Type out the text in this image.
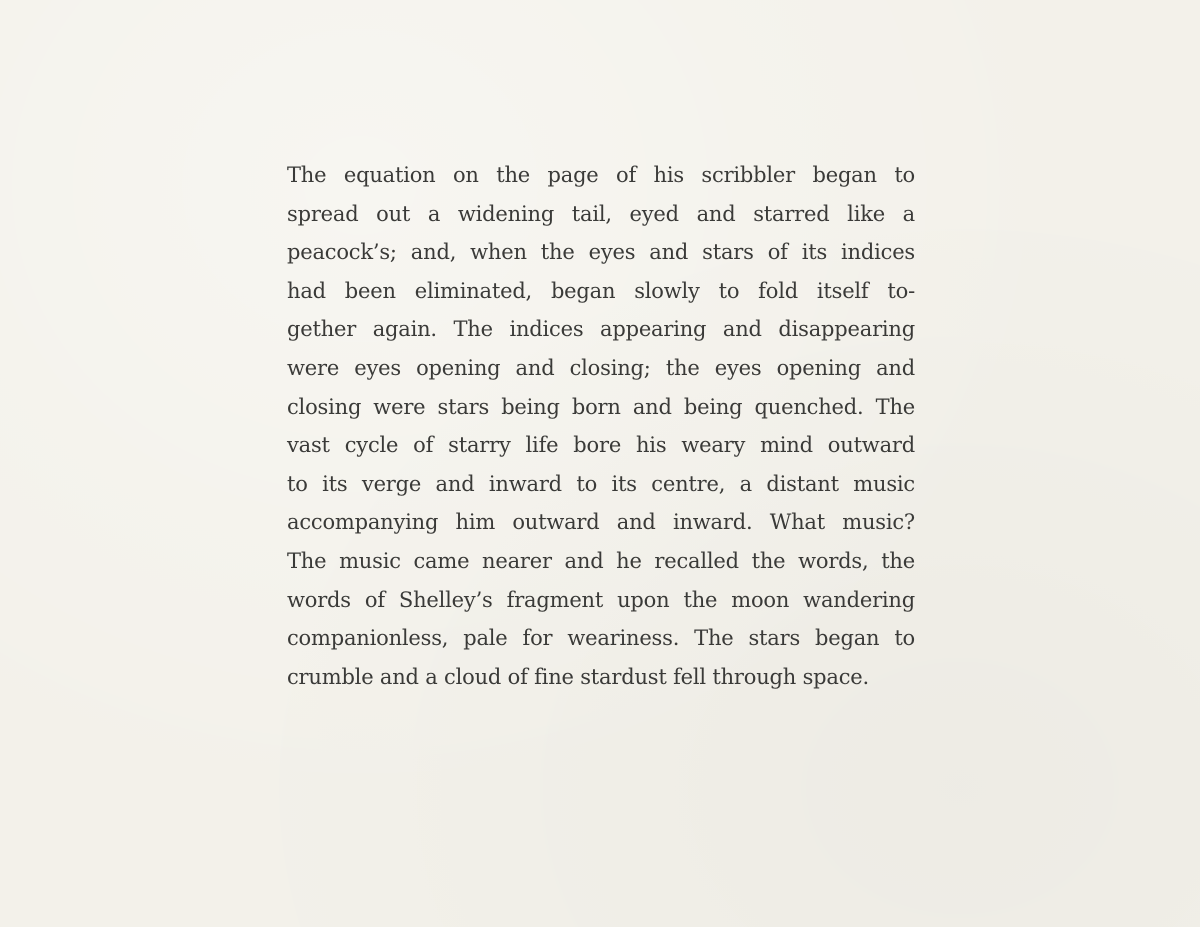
The equation on the page of his scribbler began to
spread out a widening tail, eyed and starred like a
peacock’s; and, when the eyes and stars of its indices
had been eliminated, began slowly to fold itself to-
gether again. The indices appearing and disappearing
were eyes opening and closing; the eyes opening and
closing were stars being born and being quenched. The
vast cycle of starry life bore his weary mind outward
to its verge and inward to its centre, a distant music
accompanying him outward and inward. What music?
The music came nearer and he recalled the words, the
words of Shelley’s fragment upon the moon wandering
companionless, pale for weariness. The stars began to
crumble and a cloud of fine stardust fell through space.
